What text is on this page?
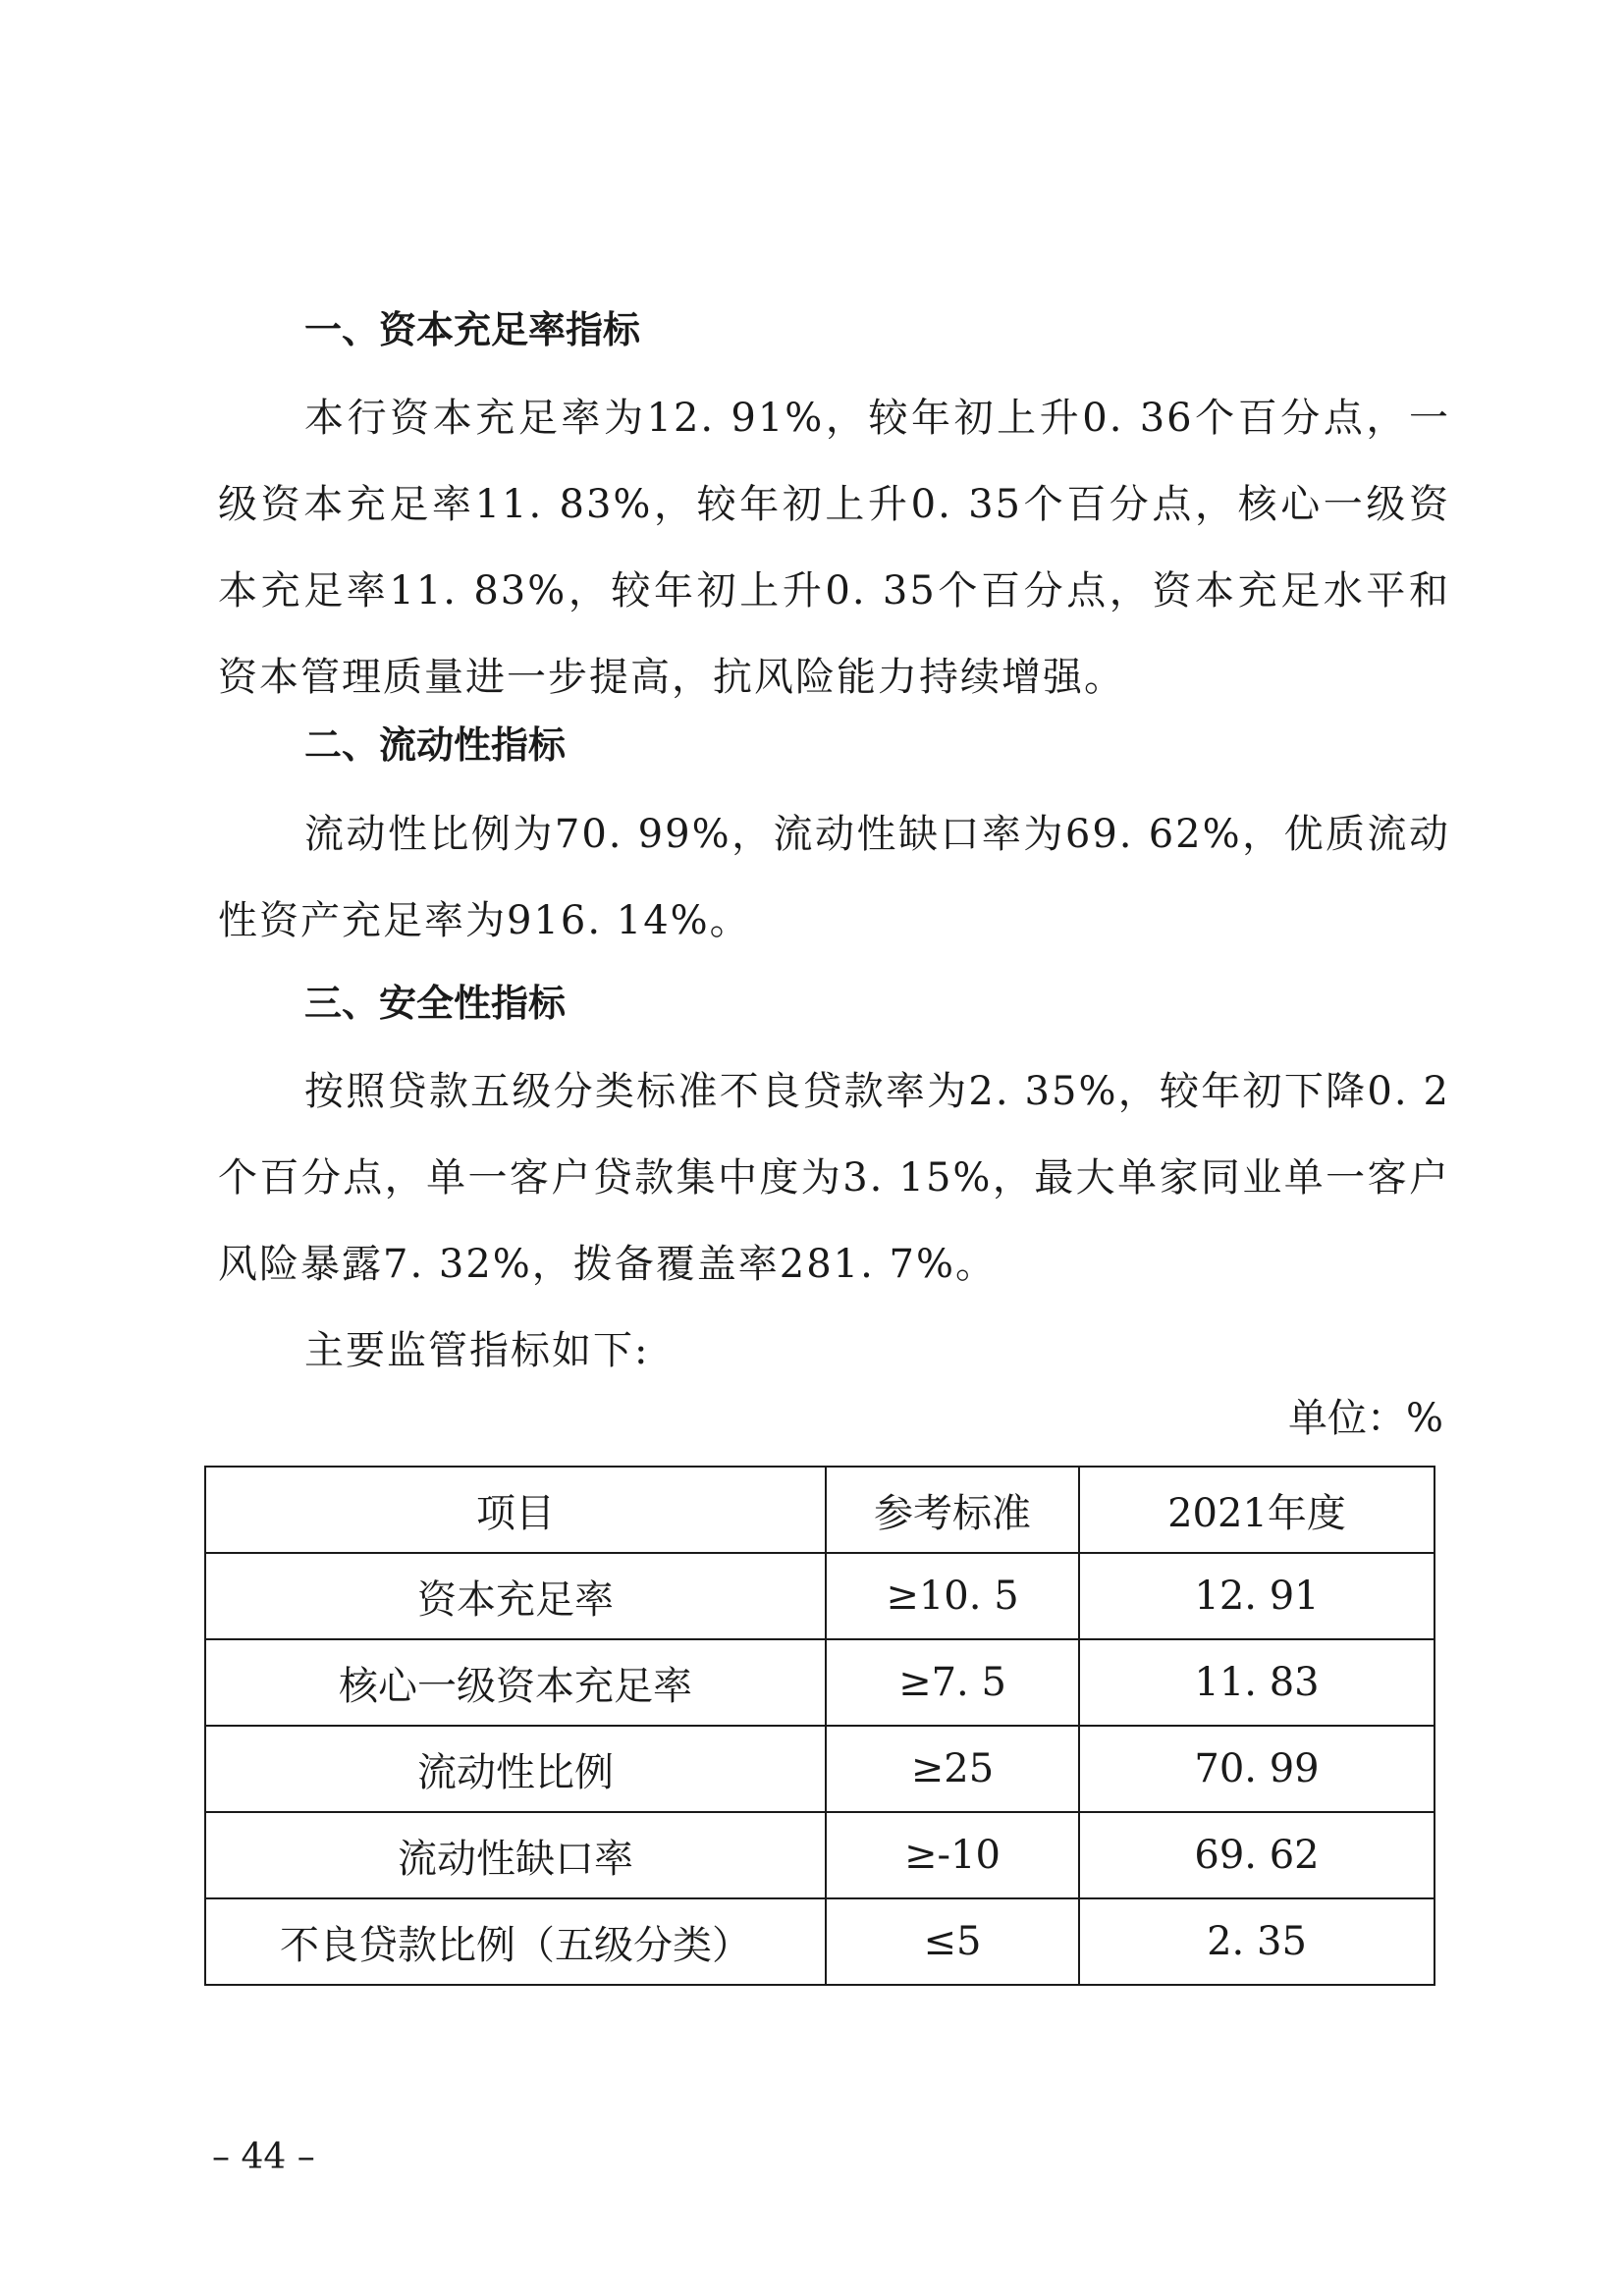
一、资本充足率指标

本行资本充足率为12. 91%，较年初上升0. 36个百分点，一级资本充足率11. 83%，较年初上升0. 35个百分点，核心一级资本充足率11. 83%，较年初上升0. 35个百分点，资本充足水平和资本管理质量进一步提高，抗风险能力持续增强。

二、流动性指标

流动性比例为70. 99%，流动性缺口率为69. 62%，优质流动性资产充足率为916. 14%。

三、安全性指标

按照贷款五级分类标准不良贷款率为2. 35%，较年初下降0. 2个百分点，单一客户贷款集中度为3. 15%，最大单家同业单一客户风险暴露7. 32%，拨备覆盖率281. 7%。

主要监管指标如下:

单位：%

项目	参考标准	2021年度
资本充足率	≥10. 5	12. 91
核心一级资本充足率	≥7. 5	11. 83
流动性比例	≥25	70. 99
流动性缺口率	≥-10	69. 62
不良贷款比例（五级分类）	≤5	2. 35

– 44 –
